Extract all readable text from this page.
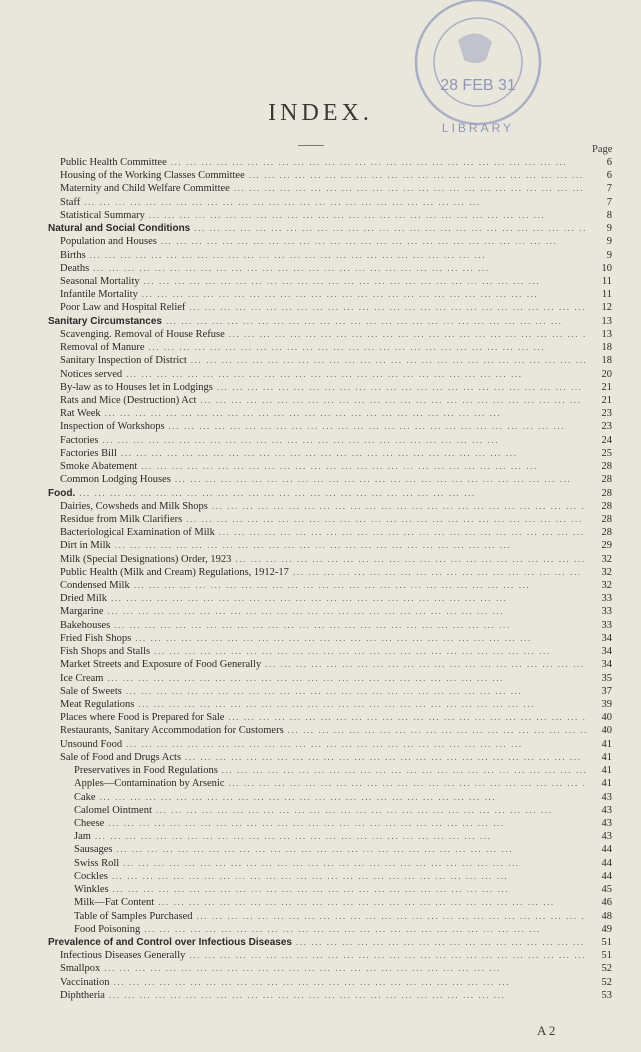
28 FEB 31
LIBRARY
INDEX.
Page
Public Health Committee ... .	6
Housing of the Working Classes Committee ... .	6
Maternity and Child Welfare Committee ... .	7
Staff ... .	7
Statistical Summary ... .	8
Natural and Social Conditions ... .	9
Population and Houses ... .	9
Births ... .	9
Deaths ... .	10
Seasonal Mortality ... .	11
Infantile Mortality ... .	11
Poor Law and Hospital Relief ... .	12
Sanitary Circumstances ... .	13
Scavenging. Removal of House Refuse ... .	13
Removal of Manure ... .	18
Sanitary Inspection of District ... .	18
Notices served ... .	20
By-law as to Houses let in Lodgings ... .	21
Rats and Mice (Destruction) Act ... .	21
Rat Week ... .	23
Inspection of Workshops ... .	23
Factories ... .	24
Factories Bill ... .	25
Smoke Abatement ... .	28
Common Lodging Houses ... .	28
Food. ... .	28
Dairies, Cowsheds and Milk Shops ... .	28
Residue from Milk Clarifiers ... .	28
Bacteriological Examination of Milk ... .	28
Dirt in Milk ... .	29
Milk (Special Designations) Order, 1923 ... .	32
Public Health (Milk and Cream) Regulations, 1912-17 ... .	32
Condensed Milk ... .	32
Dried Milk ... .	33
Margarine ... .	33
Bakehouses ... .	33
Fried Fish Shops ... .	34
Fish Shops and Stalls ... .	34
Market Streets and Exposure of Food Generally ... .	34
Ice Cream ... .	35
Sale of Sweets ... .	37
Meat Regulations ... .	39
Places where Food is Prepared for Sale ... .	40
Restaurants, Sanitary Accommodation for Customers ... .	40
Unsound Food ... .	41
Sale of Food and Drugs Acts ... .	41
Preservatives in Food Regulations ... .	41
Apples—Contamination by Arsenic ... .	41
Cake ... .	43
Calomel Ointment ... .	43
Cheese ... .	43
Jam ... .	43
Sausages ... .	44
Swiss Roll ... .	44
Cockles ... .	44
Winkles ... .	45
Milk—Fat Content ... .	46
Table of Samples Purchased ... .	48
Food Poisoning ... .	49
Prevalence of and Control over Infectious Diseases ... .	51
Infectious Diseases Generally ... .	51
Smallpox ... .	52
Vaccination ... .	52
Diphtheria ... .	53
A 2
